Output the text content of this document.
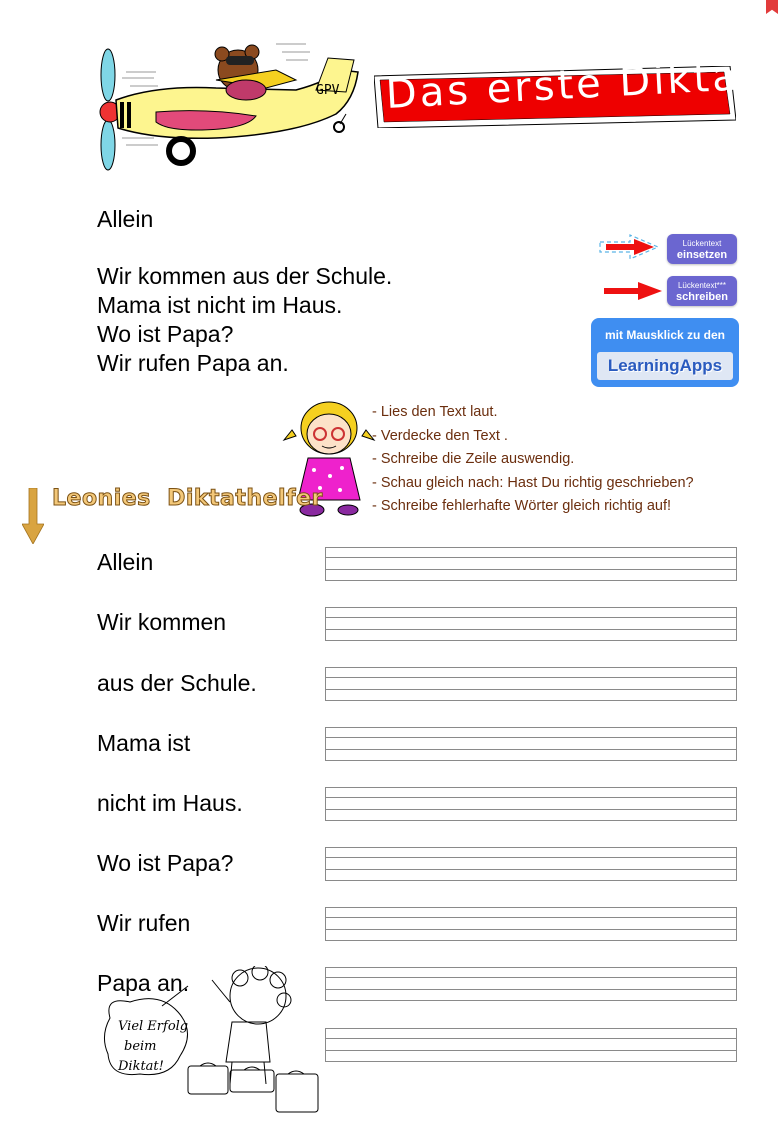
GPV Das erste Diktat
Allein
Wir kommen aus der Schule.
Mama ist nicht im Haus.
Wo ist Papa?
Wir rufen Papa an.
Lückentext
einsetzen
Lückentext***
schreiben
mit Mausklick zu den
LearningApps
- Lies den Text laut.
- Verdecke den Text .
- Schreibe die Zeile auswendig.
- Schau gleich nach: Hast Du richtig geschrieben?
- Schreibe fehlerhafte Wörter gleich richtig auf!
Leonies  Diktathelfer
Allein
Wir kommen
aus der Schule.
Mama ist
nicht im Haus.
Wo ist Papa?
Wir rufen
Papa an.
Viel Erfolg
beim
Diktat!
